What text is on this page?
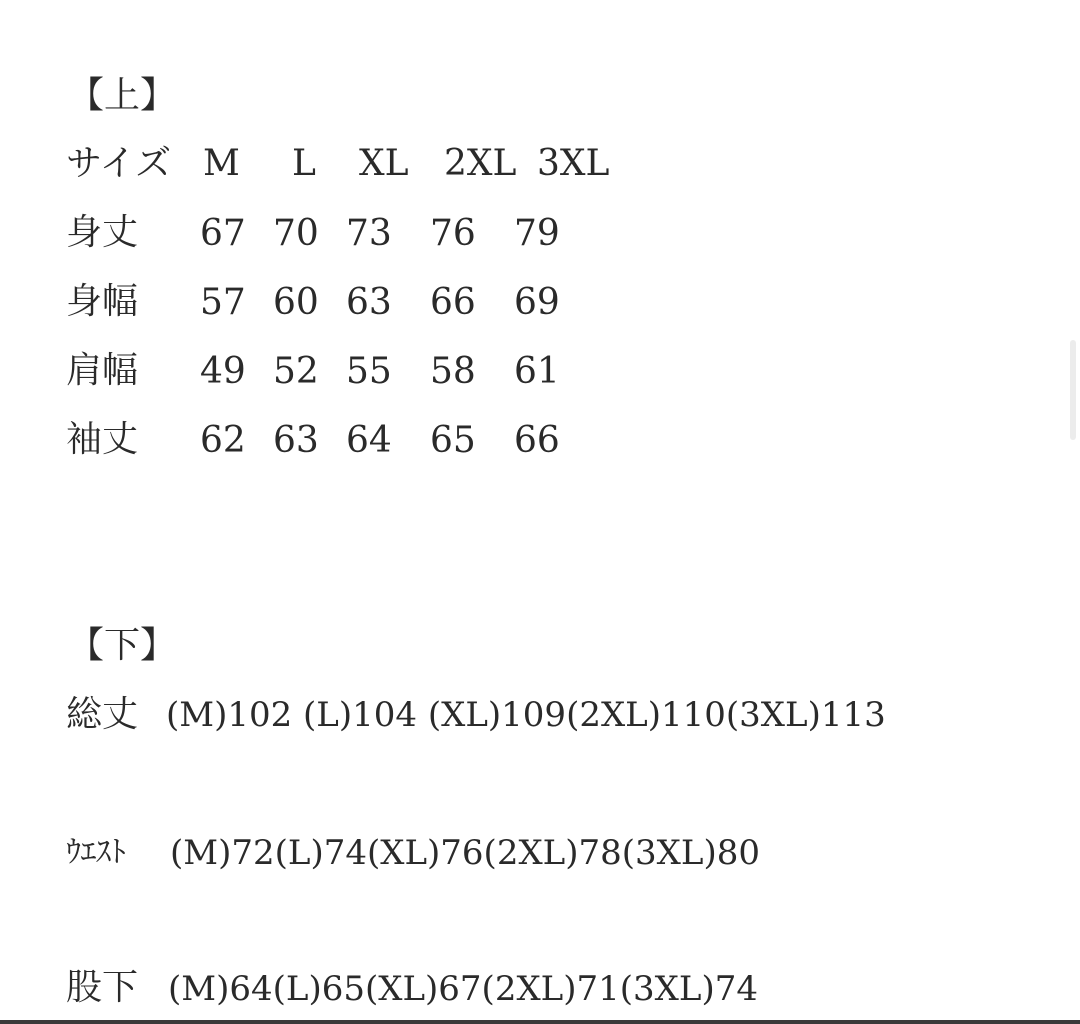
【上】
サイズ M L XL 2XL 3XL
身丈 67 70 73 76 79
身幅 57 60 63 66 69
肩幅 49 52 55 58 61
袖丈 62 63 64 65 66
【下】
総丈 (M)102 (L)104 (XL)109(2XL)110(3XL)113
ｳｴｽﾄ (M)72(L)74(XL)76(2XL)78(3XL)80
股下 (M)64(L)65(XL)67(2XL)71(3XL)74
